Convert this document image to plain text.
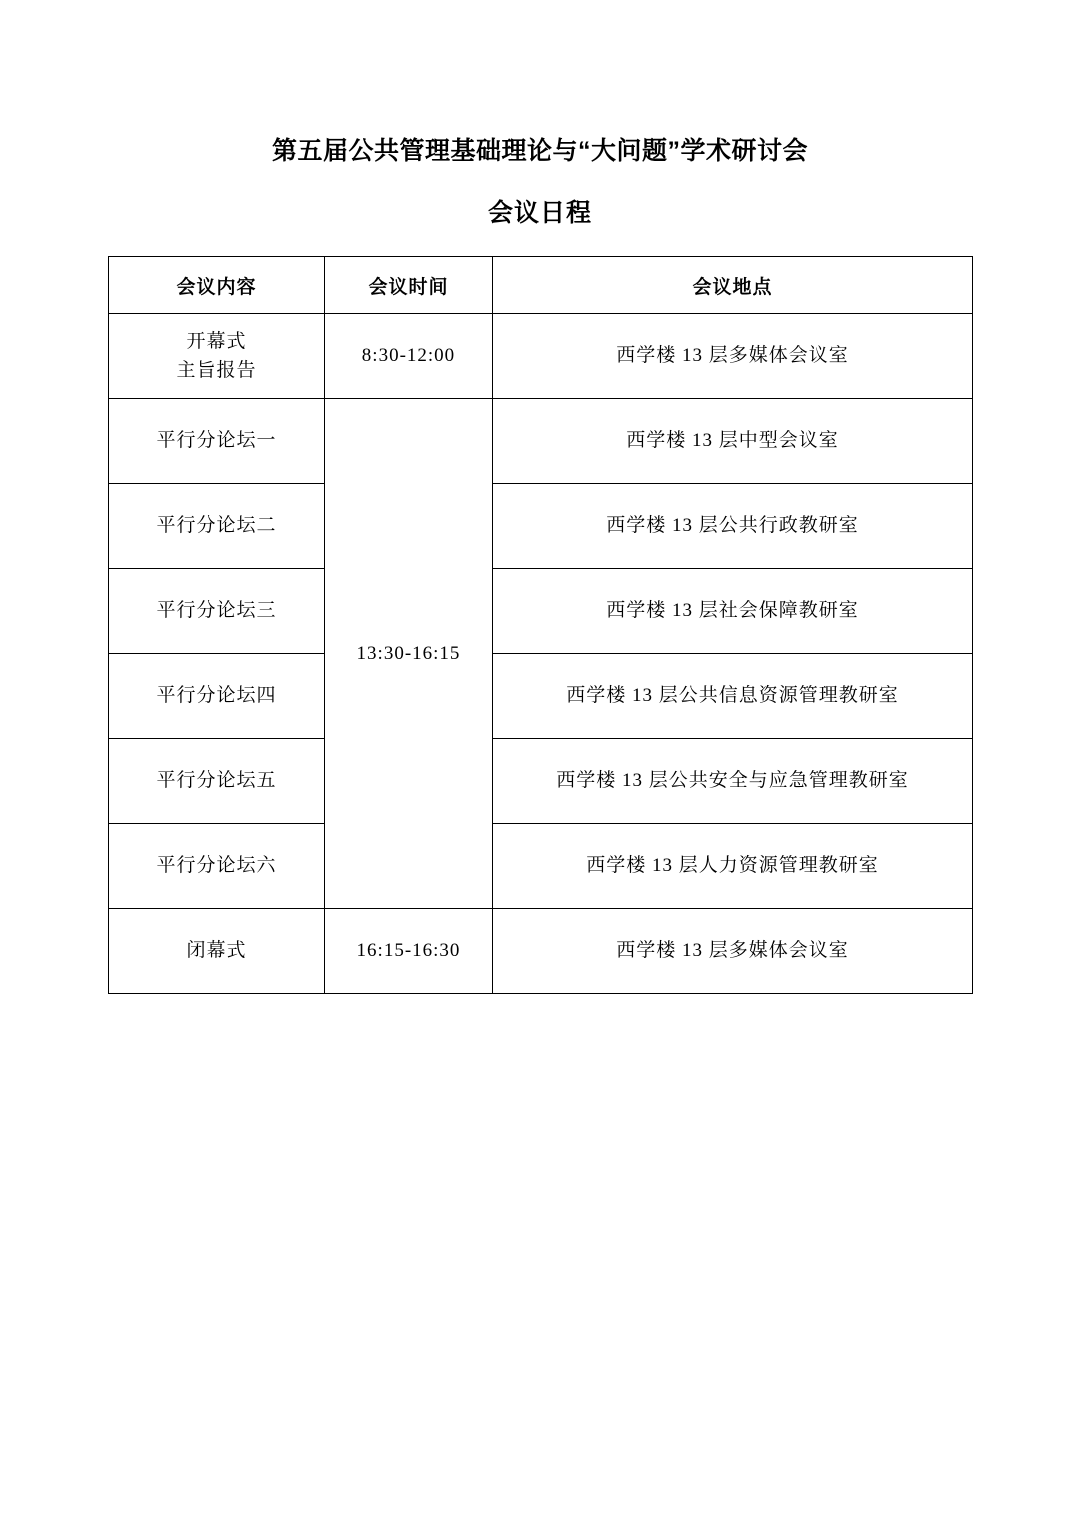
第五届公共管理基础理论与“大问题”学术研讨会
会议日程
会议内容	会议时间	会议地点

开幕式
主旨报告	8:30-12:00	西学楼 13 层多媒体会议室
平行分论坛一	13:30-16:15	西学楼 13 层中型会议室
平行分论坛二		西学楼 13 层公共行政教研室
平行分论坛三		西学楼 13 层社会保障教研室
平行分论坛四		西学楼 13 层公共信息资源管理教研室
平行分论坛五		西学楼 13 层公共安全与应急管理教研室
平行分论坛六		西学楼 13 层人力资源管理教研室
闭幕式	16:15-16:30	西学楼 13 层多媒体会议室
